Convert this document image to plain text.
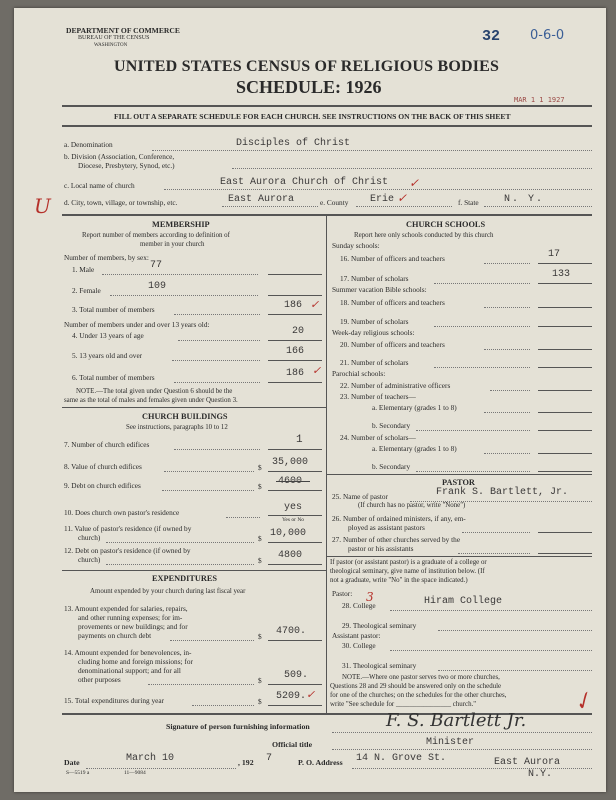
DEPARTMENT OF COMMERCE
BUREAU OF THE CENSUS
WASHINGTON
32 0-6-0
UNITED STATES CENSUS OF RELIGIOUS BODIES
SCHEDULE: 1926
MAR 1 1 1927
FILL OUT A SEPARATE SCHEDULE FOR EACH CHURCH. SEE INSTRUCTIONS ON THE BACK OF THIS SHEET
a. Denomination	Disciples of Christ
b. Division (Association, Conference,
Diocese, Presbytery, Synod, etc.)
c. Local name of church	East Aurora Church of Christ ✓
U d. City, town, village, or township, etc.	East Aurora	e. County Erie ✓	f. State	N. Y.
MEMBERSHIP
Report number of members according to definition of
member in your church
Number of members, by sex:
1. Male	77
2. Female	109
3. Total number of members	186 ✓
Number of members under and over 13 years old:
4. Under 13 years of age	20
5. 13 years old and over	166
6. Total number of members	186 ✓
NOTE.—The total given under Question 6 should be the
same as the total of males and females given under Question 3.
CHURCH BUILDINGS
See instructions, paragraphs 10 to 12
7. Number of church edifices	1
8. Value of church edifices	$ 35,000
9. Debt on church edifices	$
10. Does church own pastor's residence	yes
Yes or No
11. Value of pastor's residence (if owned by
church)	$ 10,000
12. Debt on pastor's residence (if owned by
church)	$ 4800
EXPENDITURES
Amount expended by your church during last fiscal year
13. Amount expended for salaries, repairs,
and other running expenses; for im-
provements or new buildings; and for
payments on church debt	$ 4700.
14. Amount expended for benevolences, in-
cluding home and foreign missions; for
denominational support; and for all
other purposes	$ 509.
15. Total expenditures during year	$ 5209. ✓
CHURCH SCHOOLS
Report here only schools conducted by this church
Sunday schools:
16. Number of officers and teachers	17
17. Number of scholars	133
Summer vacation Bible schools:
18. Number of officers and teachers
19. Number of scholars
Week-day religious schools:
20. Number of officers and teachers
21. Number of scholars
Parochial schools:
22. Number of administrative officers
23. Number of teachers—
a. Elementary (grades 1 to 8)
b. Secondary
24. Number of scholars—
a. Elementary (grades 1 to 8)
b. Secondary
PASTOR
25. Name of pastor	Frank S. Bartlett, Jr.
(If church has no pastor, write "None")
26. Number of ordained ministers, if any, em-
ployed as assistant pastors
27. Number of other churches served by the
pastor or his assistants
If pastor (or assistant pastor) is a graduate of a college or
theological seminary, give name of institution below. (If
not a graduate, write "No" in the space indicated.)
Pastor:
28. College
3	Hiram College
29. Theological seminary
Assistant pastor:
30. College
31. Theological seminary
NOTE.—Where one pastor serves two or more churches,
Questions 28 and 29 should be answered only on the schedule
for one of the churches; on the schedules for the other churches,
write "See schedule for ________________ church."	✓
Signature of person furnishing information	F. S. Bartlett Jr.
Official title	Minister
Date	March 10	, 192 7	P. O. Address 14 N. Grove St.	East Aurora
N.Y.
S—5519 a	11—9084
